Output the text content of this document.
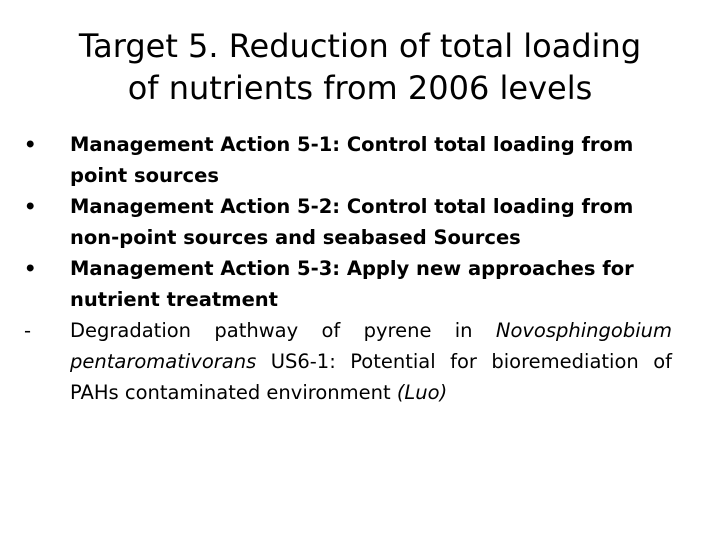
Target 5. Reduction of total loading
of nutrients from 2006 levels
•	Management Action 5-1: Control total loading from
point sources
•	Management Action 5-2: Control total loading from
non-point sources and seabased Sources
•	Management Action 5-3: Apply new approaches for
nutrient treatment
-	Degradation pathway of pyrene in Novosphingobium pentaromativorans US6-1: Potential for bioremediation of PAHs contaminated environment (Luo)
